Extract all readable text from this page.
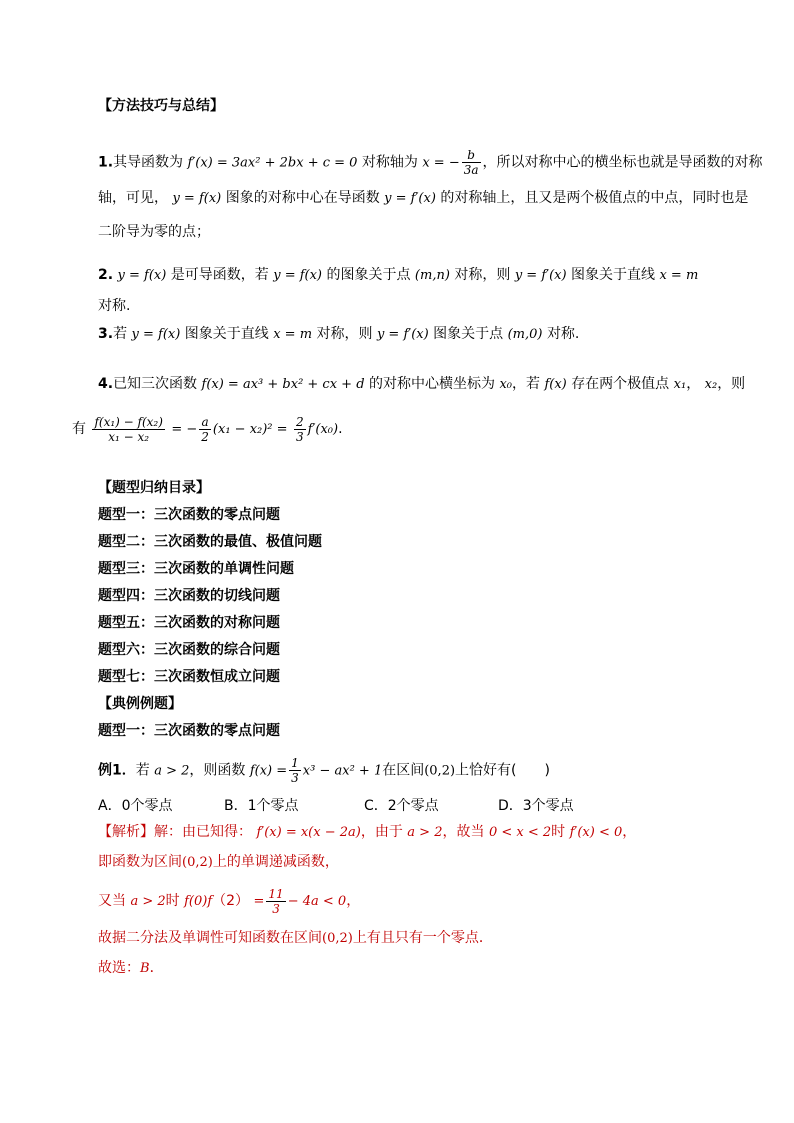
【方法技巧与总结】
1.其导函数为 f′(x) = 3ax² + 2bx + c = 0 对称轴为 x = − $\frac{b}{3a}$ ，所以对称中心的横坐标也就是导函数的对称
轴，可见， y = f(x) 图象的对称中心在导函数 y = f′(x) 的对称轴上，且又是两个极值点的中点，同时也是
二阶导为零的点；
2. y = f(x) 是可导函数，若 y = f(x) 的图象关于点 (m,n) 对称，则 y = f′(x) 图象关于直线 x = m
对称.
3.若 y = f(x) 图象关于直线 x = m 对称，则 y = f′(x) 图象关于点 (m,0) 对称.
4.已知三次函数 f(x) = ax³ + bx² + cx + d 的对称中心横坐标为 x₀，若 f(x) 存在两个极值点 x₁， x₂，则
有 $\frac{\text{f(x₁) − f(x₂)}}{\text{x₁ − x₂}}$ = − $\frac{a}{2} (x_1 - x_2)^2 = \frac{2}{3} f'(x_0)$.
【题型归纳目录】
题型一：三次函数的零点问题
题型二：三次函数的最值、极值问题
题型三：三次函数的单调性问题
题型四：三次函数的切线问题
题型五：三次函数的对称问题
题型六：三次函数的综合问题
题型七：三次函数恒成立问题
【典例例题】
题型一：三次函数的零点问题
例1．若 a > 2，则函数 $f(x) = \frac{1}{3} x^3 - ax^2 + 1$在区间(0,2)上恰好有(　　)
A．0个零点	B．1个零点	C．2个零点	D．3个零点
【解析】解：由已知得： f′(x) = x(x − 2a)，由于 a > 2，故当 0 < x < 2时 f′(x) < 0，
即函数为区间(0,2)上的单调递减函数，
又当 a > 2时 $f(0)f(2) = \frac{11}{3} - 4a < 0$，
故据二分法及单调性可知函数在区间(0,2)上有且只有一个零点．
故选：B．
